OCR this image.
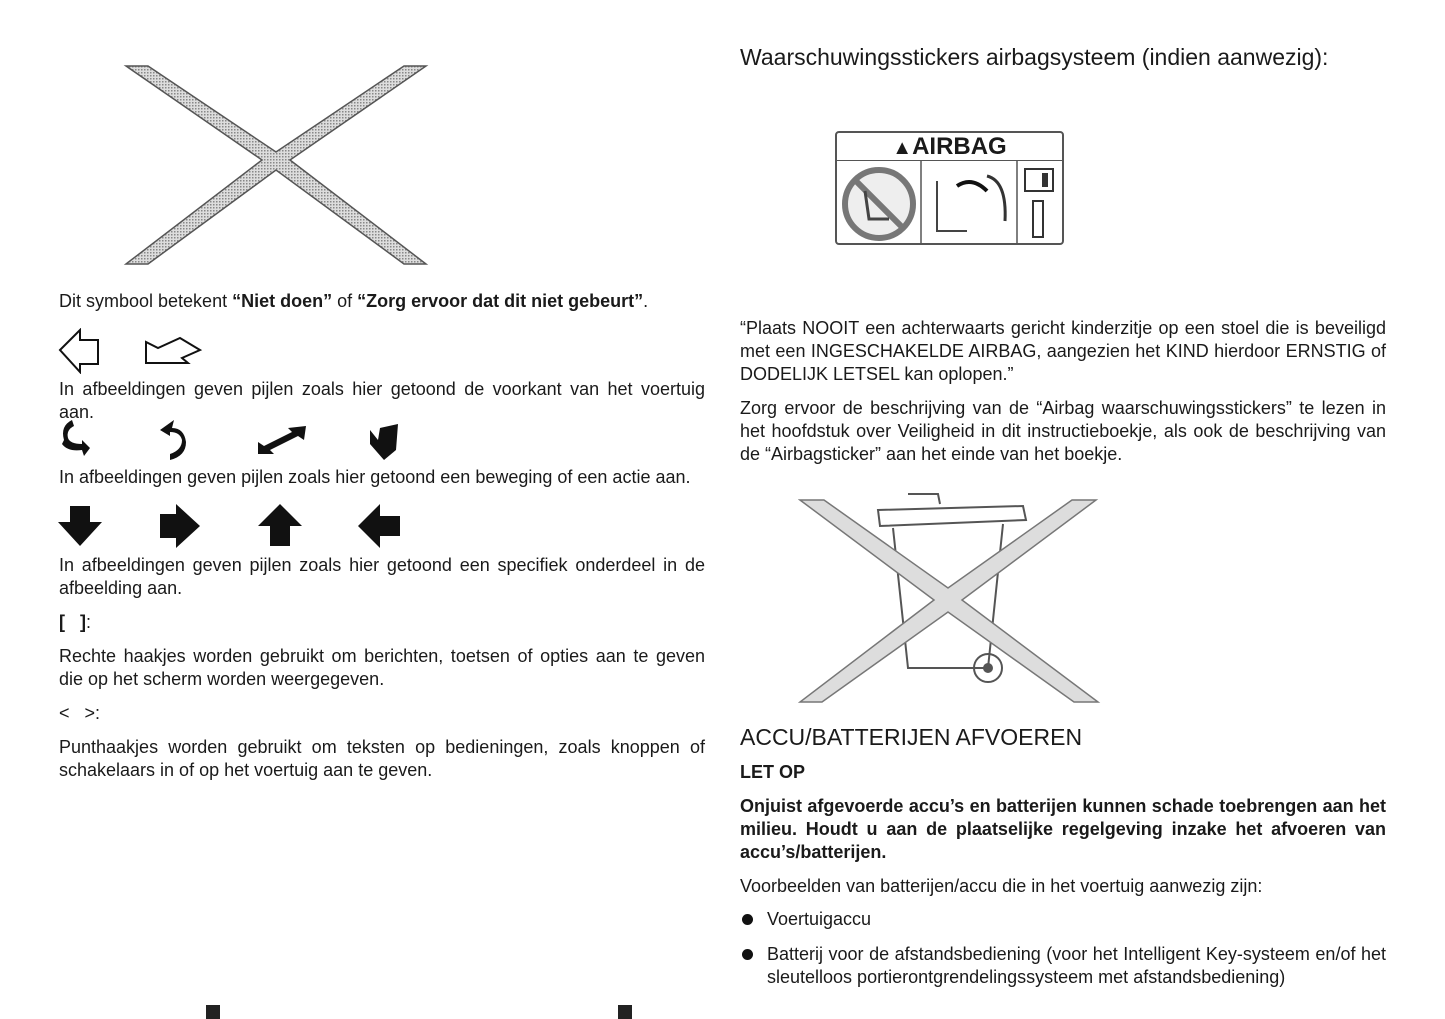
Dit symbool betekent “Niet doen” of “Zorg ervoor dat dit niet gebeurt”.
In afbeeldingen geven pijlen zoals hier getoond de voorkant van het voertuig aan.
In afbeeldingen geven pijlen zoals hier getoond een beweging of een actie aan.
In afbeeldingen geven pijlen zoals hier getoond een specifiek onderdeel in de afbeelding aan.
[   ]:
Rechte haakjes worden gebruikt om berichten, toetsen of opties aan te geven die op het scherm worden weergegeven.
<   >:
Punthaakjes worden gebruikt om teksten op bedieningen, zoals knoppen of schakelaars in of op het voertuig aan te geven.
Waarschuwingsstickers airbagsysteem (indien aanwezig):
▲AIRBAG
“Plaats NOOIT een achterwaarts gericht kinderzitje op een stoel die is beveiligd met een INGESCHAKELDE AIRBAG, aangezien het KIND hierdoor ERNSTIG of DODELIJK LETSEL kan oplopen.”
Zorg ervoor de beschrijving van de “Airbag waarschuwingsstickers” te lezen in het hoofdstuk over Veiligheid in dit instructieboekje, als ook de beschrijving van de “Airbagsticker” aan het einde van het boekje.
ACCU/BATTERIJEN AFVOEREN
LET OP
Onjuist afgevoerde accu’s en batterijen kunnen schade toebrengen aan het milieu. Houdt u aan de plaatselijke regelgeving inzake het afvoeren van accu’s/batterijen.
Voorbeelden van batterijen/accu die in het voertuig aanwezig zijn:
Voertuigaccu
Batterij voor de afstandsbediening (voor het Intelligent Key-systeem en/of het sleutelloos portierontgrendelingssysteem met afstandsbediening)
